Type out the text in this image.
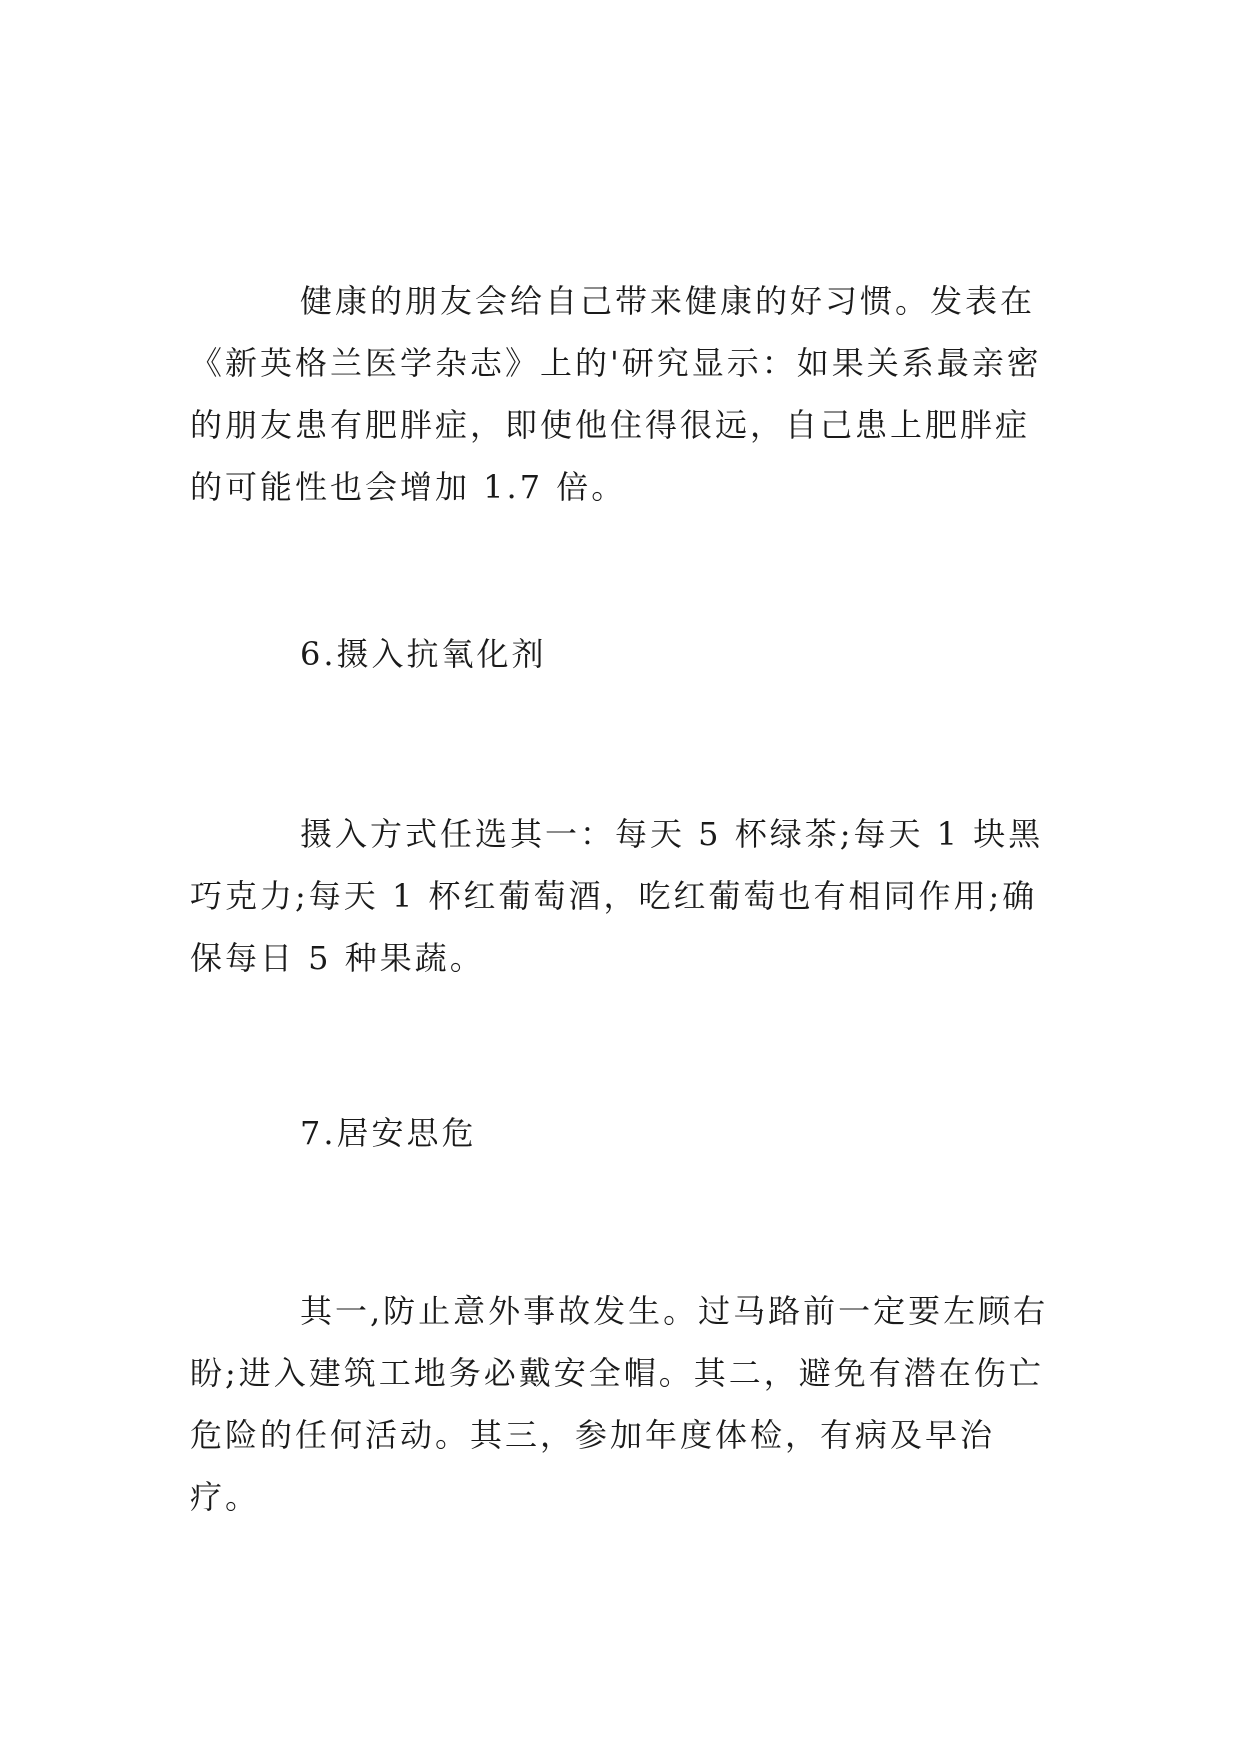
健康的朋友会给自己带来健康的好习惯。发表在《新英格兰医学杂志》上的'研究显示：如果关系最亲密的朋友患有肥胖症，即使他住得很远，自己患上肥胖症的可能性也会增加 1.7 倍。

6.摄入抗氧化剂

摄入方式任选其一：每天 5 杯绿茶;每天 1 块黑巧克力;每天 1 杯红葡萄酒，吃红葡萄也有相同作用;确保每日 5 种果蔬。

7.居安思危

其一,防止意外事故发生。过马路前一定要左顾右盼;进入建筑工地务必戴安全帽。其二，避免有潜在伤亡危险的任何活动。其三，参加年度体检，有病及早治疗。
